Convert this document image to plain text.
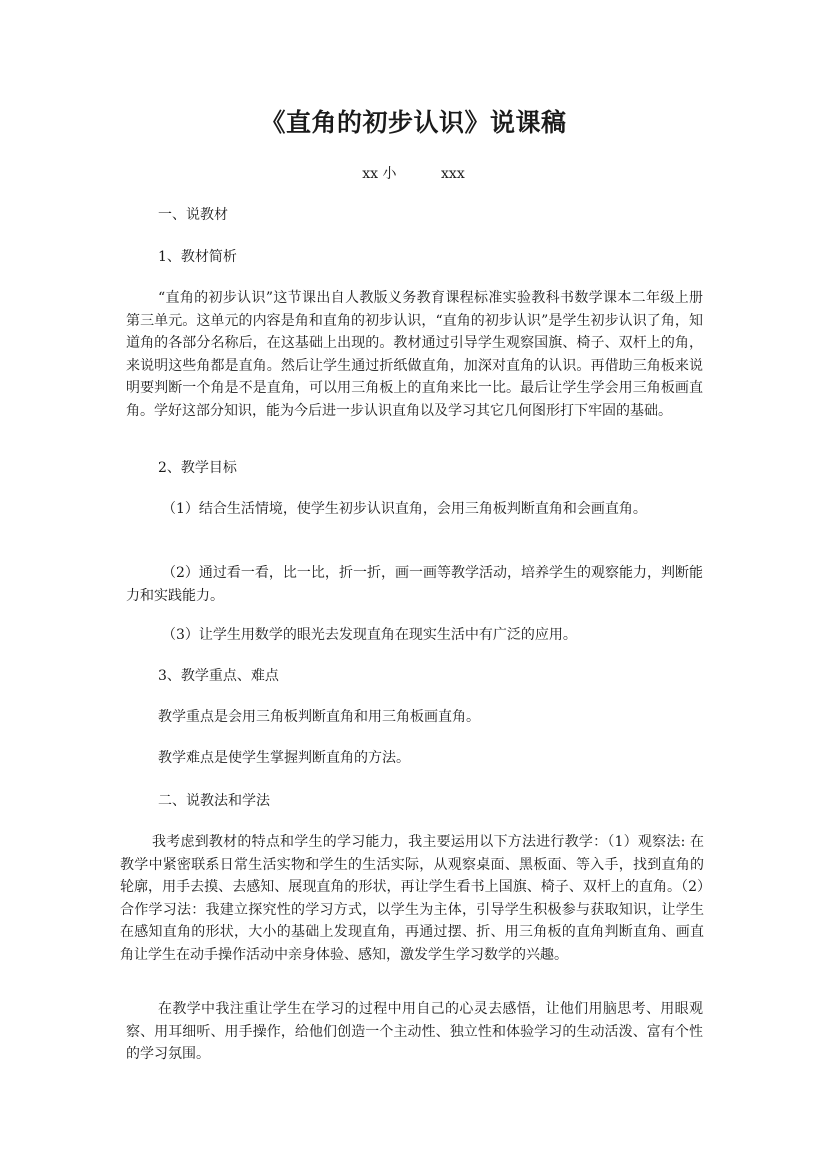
《直角的初步认识》说课稿
xx 小          xxx
一、说教材
1、教材简析
“直角的初步认识”这节课出自人教版义务教育课程标准实验教科书数学课本二年级上册第三单元。这单元的内容是角和直角的初步认识，“直角的初步认识”是学生初步认识了角，知道角的各部分名称后，在这基础上出现的。教材通过引导学生观察国旗、椅子、双杆上的角，来说明这些角都是直角。然后让学生通过折纸做直角，加深对直角的认识。再借助三角板来说明要判断一个角是不是直角，可以用三角板上的直角来比一比。最后让学生学会用三角板画直角。学好这部分知识，能为今后进一步认识直角以及学习其它几何图形打下牢固的基础。
2、教学目标
（1）结合生活情境，使学生初步认识直角，会用三角板判断直角和会画直角。
（2）通过看一看，比一比，折一折，画一画等教学活动，培养学生的观察能力，判断能力和实践能力。
（3）让学生用数学的眼光去发现直角在现实生活中有广泛的应用。
3、教学重点、难点
教学重点是会用三角板判断直角和用三角板画直角。
教学难点是使学生掌握判断直角的方法。
二、说教法和学法
我考虑到教材的特点和学生的学习能力，我主要运用以下方法进行教学：（1）观察法: 在教学中紧密联系日常生活实物和学生的生活实际，从观察桌面、黑板面、等入手，找到直角的轮廓，用手去摸、去感知、展现直角的形状，再让学生看书上国旗、椅子、双杆上的直角。（2）合作学习法：我建立探究性的学习方式，以学生为主体，引导学生积极参与获取知识，让学生在感知直角的形状，大小的基础上发现直角，再通过摆、折、用三角板的直角判断直角、画直角让学生在动手操作活动中亲身体验、感知，激发学生学习数学的兴趣。
在教学中我注重让学生在学习的过程中用自己的心灵去感悟，让他们用脑思考、用眼观察、用耳细听、用手操作，给他们创造一个主动性、独立性和体验学习的生动活泼、富有个性的学习氛围。
